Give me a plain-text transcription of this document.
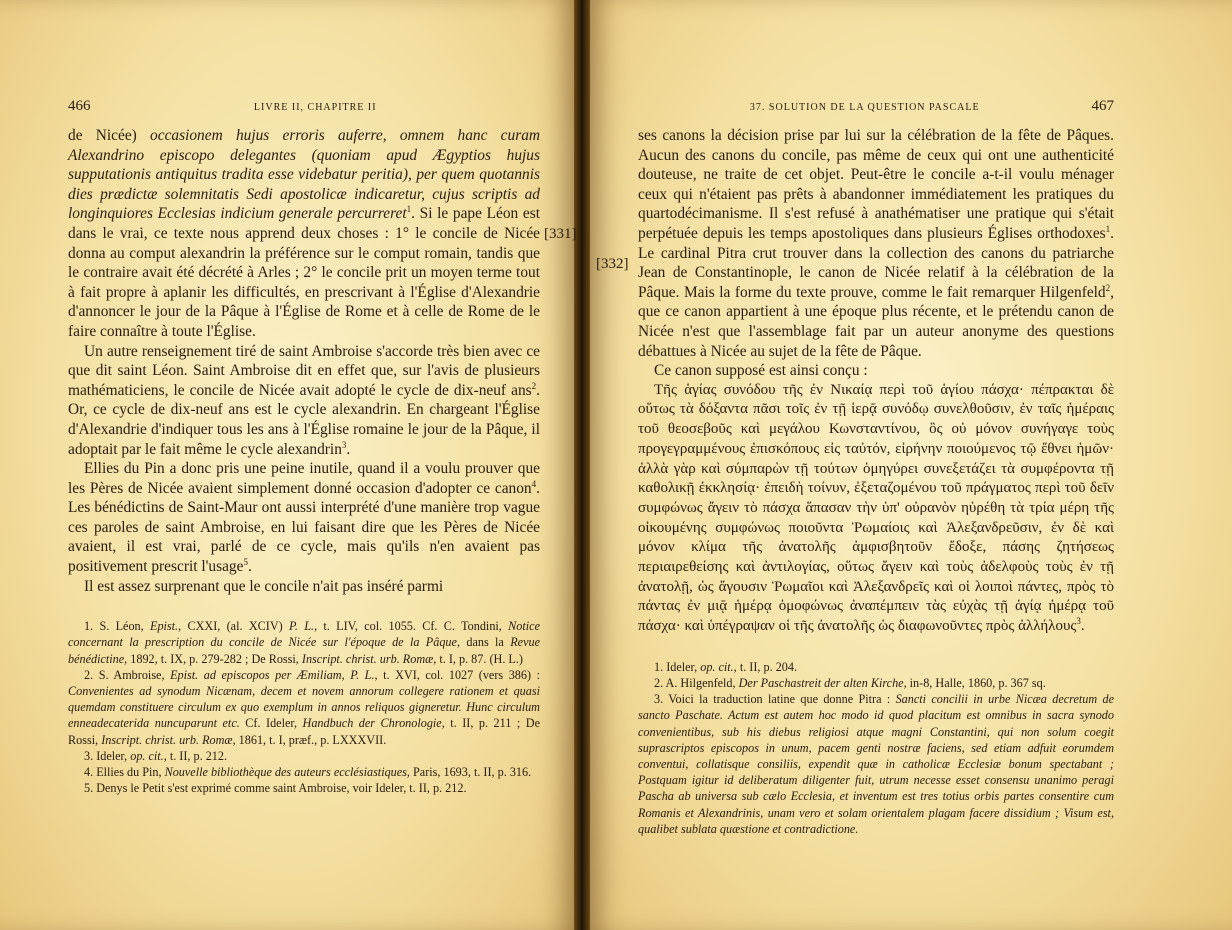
466	LIVRE II, CHAPITRE II

de Nicée) occasionem hujus erroris auferre, omnem hanc curam Alexandrino episcopo delegantes (quoniam apud Ægyptios hujus supputationis antiquitus tradita esse videbatur peritia), per quem quotannis dies prædictæ solemnitatis Sedi apostolicæ indicaretur, cujus scriptis ad longinquiores Ecclesias indicium generale percurreret$^1$. Si le pape Léon est dans le vrai, ce texte nous apprend deux choses : 1° le concile de Nicée donna au comput alexandrin la préférence sur le comput romain, tandis que le contraire avait été décrété à Arles ; 2° le concile prit un moyen terme tout à fait propre à aplanir les difficultés, en prescrivant à l'Église d'Alexandrie d'annoncer le jour de la Pâque à l'Église de Rome et à celle de Rome de le faire connaître à toute l'Église.

Un autre renseignement tiré de saint Ambroise s'accorde très bien avec ce que dit saint Léon. Saint Ambroise dit en effet que, sur l'avis de plusieurs mathématiciens, le concile de Nicée avait adopté le cycle de dix-neuf ans$^2$. Or, ce cycle de dix-neuf ans est le cycle alexandrin. En chargeant l'Église d'Alexandrie d'indiquer tous les ans à l'Église romaine le jour de la Pâque, il adoptait par le fait même le cycle alexandrin$^3$.

Ellies du Pin a donc pris une peine inutile, quand il a voulu prouver que les Pères de Nicée avaient simplement donné occasion d'adopter ce canon$^4$. Les bénédictins de Saint-Maur ont aussi interprété d'une manière trop vague ces paroles de saint Ambroise, en lui faisant dire que les Pères de Nicée avaient, il est vrai, parlé de ce cycle, mais qu'ils n'en avaient pas positivement prescrit l'usage$^5$.

Il est assez surprenant que le concile n'ait pas inséré parmi

1. S. Léon, Epist., CXXI, (al. XCIV) P. L., t. LIV, col. 1055. Cf. C. Tondini, Notice concernant la prescription du concile de Nicée sur l'époque de la Pâque, dans la Revue bénédictine, 1892, t. IX, p. 279-282 ; De Rossi, Inscript. christ. urb. Romæ, t. I, p. 87. (H. L.)

2. S. Ambroise, Epist. ad episcopos per Æmiliam, P. L., t. XVI, col. 1027 (vers 386) : Convenientes ad synodum Nicænam, decem et novem annorum collegere rationem et quasi quemdam constituere circulum ex quo exemplum in annos reliquos gigneretur. Hunc circulum enneadecaterida nuncuparunt etc. Cf. Ideler, Handbuch der Chronologie, t. II, p. 211 ; De Rossi, Inscript. christ. urb. Romæ, 1861, t. I, præf., p. LXXXVII.

3. Ideler, op. cit., t. II, p. 212.

4. Ellies du Pin, Nouvelle bibliothèque des auteurs ecclésiastiques, Paris, 1693, t. II, p. 316.

5. Denys le Petit s'est exprimé comme saint Ambroise, voir Ideler, t. II, p. 212.

37. SOLUTION DE LA QUESTION PASCALE	467

ses canons la décision prise par lui sur la célébration de la fête de Pâques. Aucun des canons du concile, pas même de ceux qui ont une authenticité douteuse, ne traite de cet objet. Peut-être le concile a-t-il voulu ménager ceux qui n'étaient pas prêts à abandonner immédiatement les pratiques du quartodécimanisme. Il s'est refusé à anathématiser une pratique qui s'était perpétuée depuis les temps apostoliques dans plusieurs Églises orthodoxes$^1$. Le cardinal Pitra crut trouver dans la collection des canons du patriarche Jean de Constantinople, le canon de Nicée relatif à la célébration de la Pâque. Mais la forme du texte prouve, comme le fait remarquer Hilgenfeld$^2$, que ce canon appartient à une époque plus récente, et le prétendu canon de Nicée n'est que l'assemblage fait par un auteur anonyme des questions débattues à Nicée au sujet de la fête de Pâque.

Ce canon supposé est ainsi conçu :

Τῆς ἁγίας συνόδου τῆς ἐν Νικαίᾳ περὶ τοῦ ἁγίου πάσχα· πέπρακται δὲ οὕτως τὰ δόξαντα πᾶσι τοῖς ἐν τῇ ἱερᾷ συνόδῳ συνελθοῦσιν, ἐν ταῖς ἡμέραις τοῦ θεοσεβοῦς καὶ μεγάλου Κωνσταντίνου, ὃς οὐ μόνον συνήγαγε τοὺς προγεγραμμένους ἐπισκόπους εἰς ταὐτόν, εἰρήνην ποιούμενος τῷ ἔθνει ἡμῶν· ἀλλὰ γὰρ καὶ σύμπαρὼν τῇ τούτων ὁμηγύρει συνεξετάζει τὰ συμφέροντα τῇ καθολικῇ ἐκκλησίᾳ· ἐπειδὴ τοίνυν, ἐξεταζομένου τοῦ πράγματος περὶ τοῦ δεῖν συμφώνως ἄγειν τὸ πάσχα ἅπασαν τὴν ὑπ' οὐρανὸν ηὑρέθη τὰ τρία μέρη τῆς οἰκουμένης συμφώνως ποιοῦντα Ῥωμαίοις καὶ Ἀλεξανδρεῦσιν, ἐν δὲ καὶ μόνον κλίμα τῆς ἀνατολῆς ἀμφισβητοῦν ἔδοξε, πάσης ζητήσεως περιαιρεθείσης καὶ ἀντιλογίας, οὕτως ἄγειν καὶ τοὺς ἀδελφοὺς τοὺς ἐν τῇ ἀνατολῇ, ὡς ἄγουσιν Ῥωμαῖοι καὶ Ἀλεξανδρεῖς καὶ οἱ λοιποὶ πάντες, πρὸς τὸ πάντας ἐν μιᾷ ἡμέρᾳ ὁμοφώνως ἀναπέμπειν τὰς εὐχὰς τῇ ἁγίᾳ ἡμέρᾳ τοῦ πάσχα· καὶ ὑπέγραψαν οἱ τῆς ἀνατολῆς ὡς διαφωνοῦντες πρὸς ἀλλήλους$^3$.

1. Ideler, op. cit., t. II, p. 204.

2. A. Hilgenfeld, Der Paschastreit der alten Kirche, in-8, Halle, 1860, p. 367 sq.

3. Voici la traduction latine que donne Pitra : Sancti concilii in urbe Nicæa decretum de sancto Paschate. Actum est autem hoc modo id quod placitum est omnibus in sacra synodo convenientibus, sub his diebus religiosi atque magni Constantini, qui non solum coegit suprascriptos episcopos in unum, pacem genti nostræ faciens, sed etiam adfuit eorumdem conventui, collatisque consiliis, expendit quæ in catholicæ Ecclesiæ bonum spectabant ; Postquam igitur id deliberatum diligenter fuit, utrum necesse esset consensu unanimo peragi Pascha ab universa sub cælo Ecclesia, et inventum est tres totius orbis partes consentire cum Romanis et Alexandrinis, unam vero et solam orientalem plagam facere dissidium ; Visum est, qualibet sublata quæstione et contradictione.

[331]
[332]
